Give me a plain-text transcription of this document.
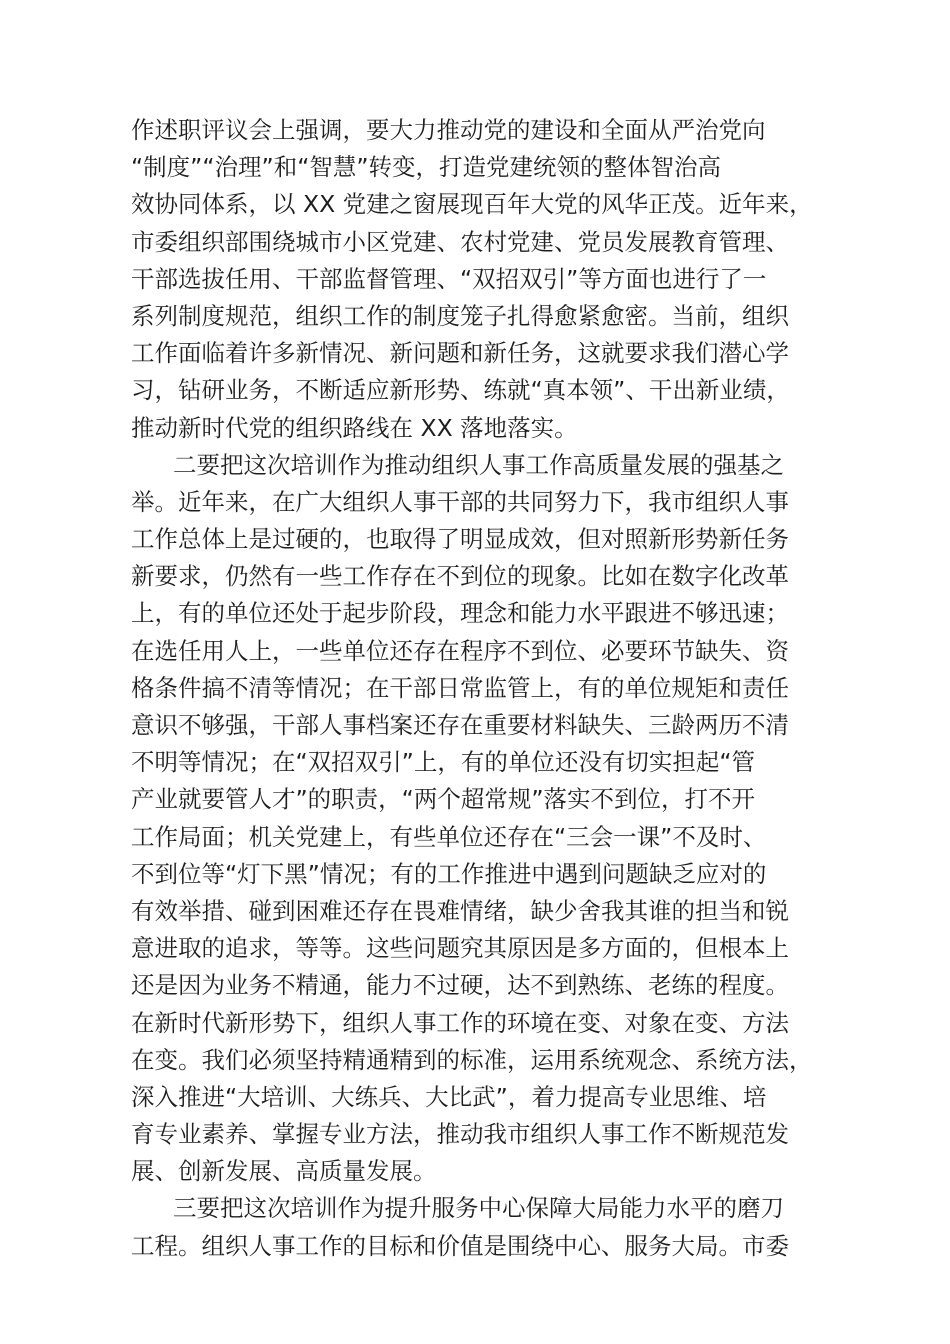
作述职评议会上强调，要大力推动党的建设和全面从严治党向
“制度”“治理”和“智慧”转变，打造党建统领的整体智治高
效协同体系，以 XX 党建之窗展现百年大党的风华正茂。近年来，
市委组织部围绕城市小区党建、农村党建、党员发展教育管理、
干部选拔任用、干部监督管理、“双招双引”等方面也进行了一
系列制度规范，组织工作的制度笼子扎得愈紧愈密。当前，组织
工作面临着许多新情况、新问题和新任务，这就要求我们潜心学
习，钻研业务，不断适应新形势、练就“真本领”、干出新业绩，
推动新时代党的组织路线在 XX 落地落实。
二要把这次培训作为推动组织人事工作高质量发展的强基之
举。近年来，在广大组织人事干部的共同努力下，我市组织人事
工作总体上是过硬的，也取得了明显成效，但对照新形势新任务
新要求，仍然有一些工作存在不到位的现象。比如在数字化改革
上，有的单位还处于起步阶段，理念和能力水平跟进不够迅速；
在选任用人上，一些单位还存在程序不到位、必要环节缺失、资
格条件搞不清等情况；在干部日常监管上，有的单位规矩和责任
意识不够强，干部人事档案还存在重要材料缺失、三龄两历不清
不明等情况；在“双招双引”上，有的单位还没有切实担起“管
产业就要管人才”的职责，“两个超常规”落实不到位，打不开
工作局面；机关党建上，有些单位还存在“三会一课”不及时、
不到位等“灯下黑”情况；有的工作推进中遇到问题缺乏应对的
有效举措、碰到困难还存在畏难情绪，缺少舍我其谁的担当和锐
意进取的追求，等等。这些问题究其原因是多方面的，但根本上
还是因为业务不精通，能力不过硬，达不到熟练、老练的程度。
在新时代新形势下，组织人事工作的环境在变、对象在变、方法
在变。我们必须坚持精通精到的标准，运用系统观念、系统方法，
深入推进“大培训、大练兵、大比武”，着力提高专业思维、培
育专业素养、掌握专业方法，推动我市组织人事工作不断规范发
展、创新发展、高质量发展。
三要把这次培训作为提升服务中心保障大局能力水平的磨刀
工程。组织人事工作的目标和价值是围绕中心、服务大局。市委
